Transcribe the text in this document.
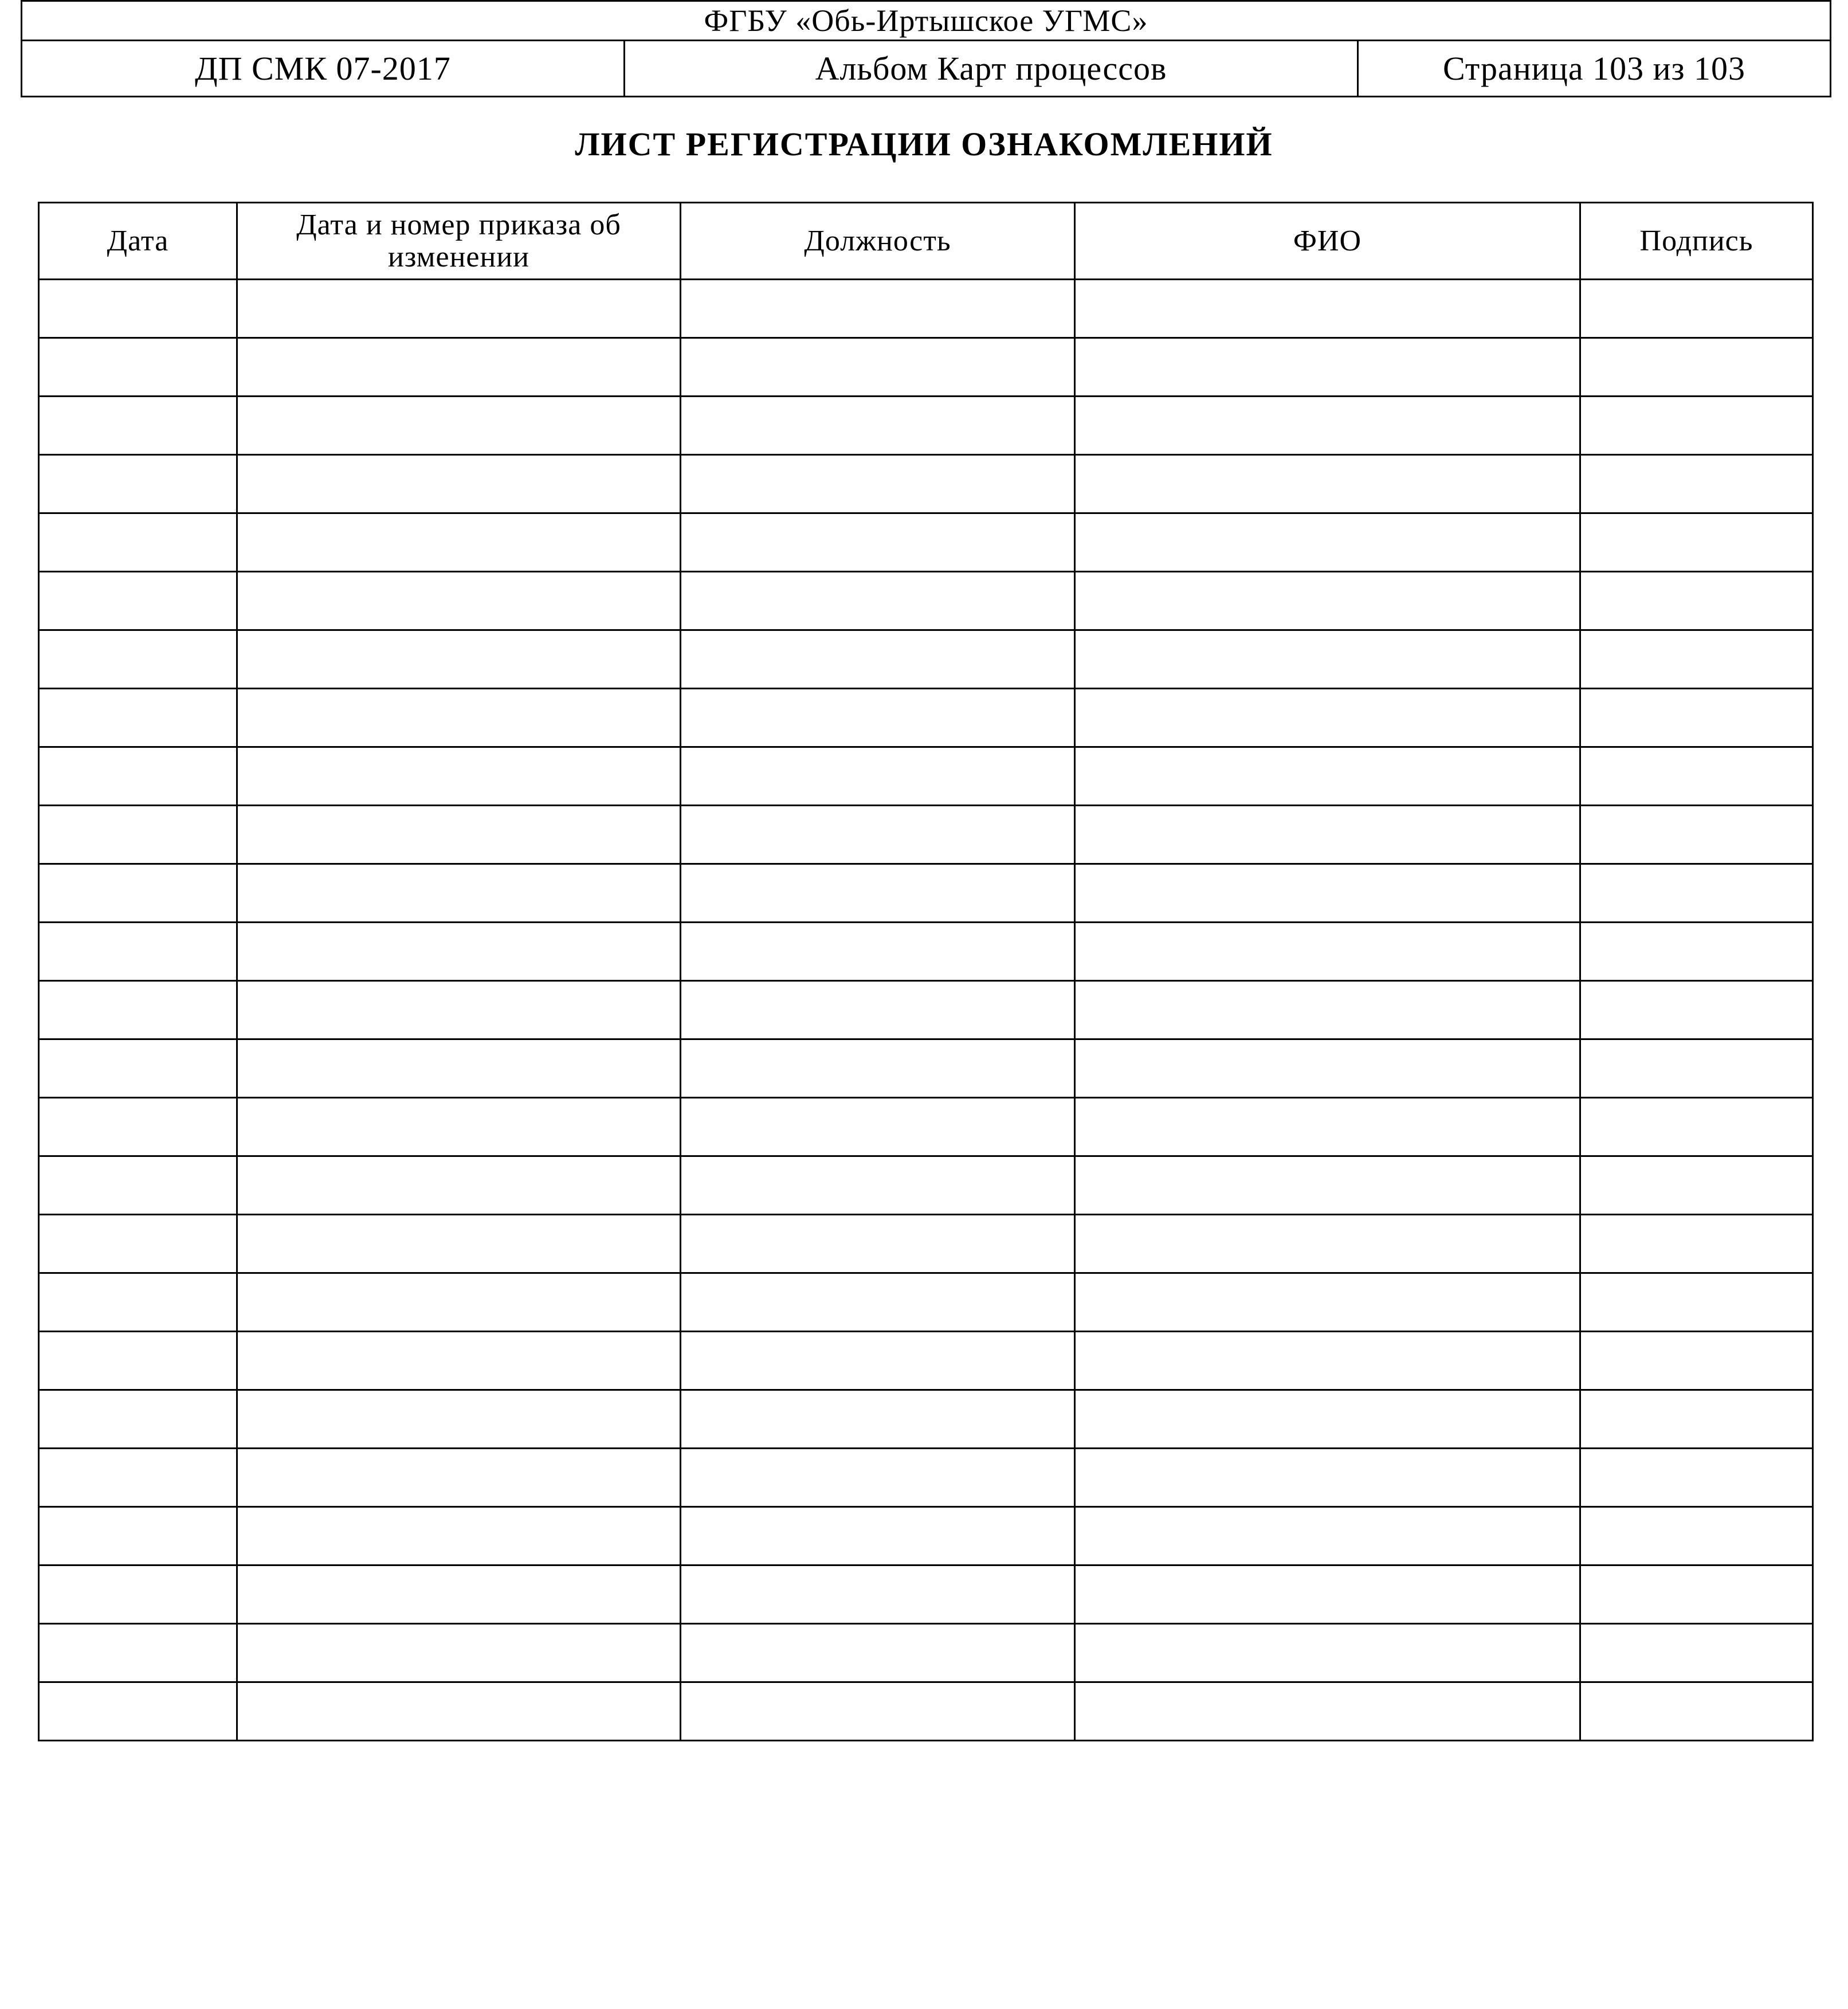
ФГБУ «Обь-Иртышское УГМС»
ДП СМК 07-2017	Альбом Карт процессов	Страница 103 из 103
ЛИСТ РЕГИСТРАЦИИ ОЗНАКОМЛЕНИЙ
Дата	Дата и номер приказа об изменении	Должность	ФИО	Подпись
